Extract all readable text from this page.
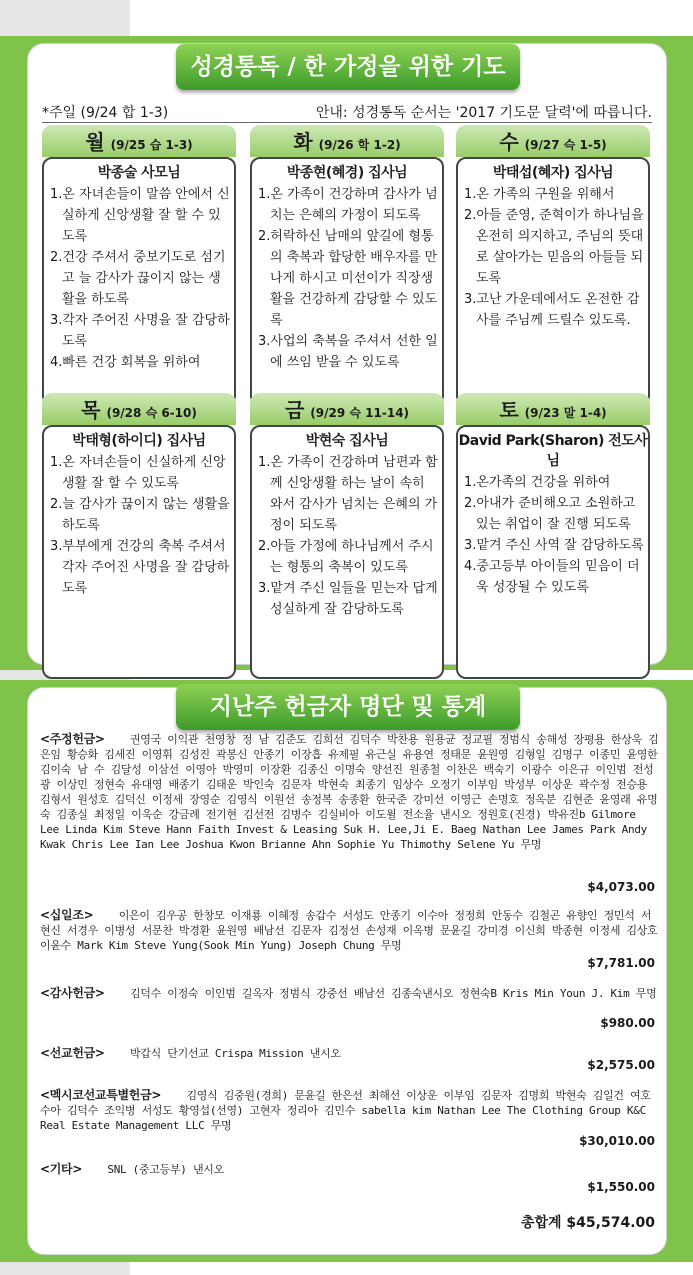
성경통독 / 한 가정을 위한 기도
*주일 (9/24 합 1-3)	안내: 성경통독 순서는 '2017 기도문 달력'에 따릅니다.
월 (9/25 습 1-3)
박종술 사모님
1.온 자녀손들이 말씀 안에서 신실하게 신앙생활 잘 할 수 있도록
2.건강 주셔서 중보기도로 섬기고 늘 감사가 끊이지 않는 생활을 하도록
3.각자 주어진 사명을 잘 감당하도록
4.빠른 건강 회복을 위하여
화 (9/26 학 1-2)
박종현(혜경) 집사님
1.온 가족이 건강하며 감사가 넘치는 은혜의 가정이 되도록
2.허락하신 남매의 앞길에 형통의 축복과 합당한 배우자를 만나게 하시고 미선이가 직장생활을 건강하게 감당할 수 있도록
3.사업의 축복을 주셔서 선한 일에 쓰임 받을 수 있도록
수 (9/27 슥 1-5)
박태섭(혜자) 집사님
1.온 가족의 구원을 위해서
2.아들 준영, 준혁이가 하나님을 온전히 의지하고, 주님의 뜻대로 살아가는 믿음의 아들들 되도록
3.고난 가운데에서도 온전한 감사를 주님께 드릴수 있도록.
목 (9/28 슥 6-10)
박태형(하이디) 집사님
1.온 자녀손들이 신실하게 신앙생활 잘 할 수 있도록
2.늘 감사가 끊이지 않는 생활을 하도록
3.부부에게 건강의 축복 주셔서 각자 주어진 사명을 잘 감당하도록
금 (9/29 슥 11-14)
박현숙 집사님
1.온 가족이 건강하며 남편과 함께 신앙생활 하는 날이 속히 와서 감사가 넘치는 은혜의 가정이 되도록
2.아들 가정에 하나님께서 주시는 형통의 축복이 있도록
3.맡겨 주신 일들을 믿는자 답게 성실하게 잘 감당하도록
토 (9/23 말 1-4)
David Park(Sharon) 전도사님
1.온가족의 건강을 위하여
2.아내가 준비해오고 소원하고 있는 취업이 잘 진행 되도록
3.맡겨 주신 사역 잘 감당하도록
4.중고등부 아이들의 믿음이 더욱 성장될 수 있도록
지난주 헌금자 명단 및 통계
<주정헌금> 권영국 이익관 천영창 정 남 김준도 김희선 김덕수 박찬용 원용균 정교필 정범식 송해성 장평용 한상욱 김은임 황승화 김세진 이영휘 김성진 곽봉신 안종기 이장흡 유제필 유근실 유용연 정태문 윤원영 김형일 김명구 이종민 윤영한 김이숙 남 수 김달성 이삼선 이영아 박영미 이장환 김종신 이명숙 양선진 원종철 이찬은 백숙기 이광수 이은규 이인범 전성광 이상민 정현숙 유대영 배종기 김태운 박인숙 김문자 박현숙 최종기 임상수 오정기 이부임 박성부 이상운 곽수정 전승용 김형서 원성호 김덕신 이정세 장영순 김영식 이원선 송정복 송종환 한국준 강미선 이영근 손명호 정옥분 김현준 윤영래 유명숙 김종실 최정일 이욱순 강금례 전기현 김선전 김병수 김실비아 이도윌 전소율 낸시오 정원호(진경) 박유진b Gilmore Lee Linda Kim Steve Hann Faith Invest & Leasing Suk H. Lee,Ji E. Baeg Nathan Lee James Park Andy Kwak Chris Lee Ian Lee Joshua Kwon Brianne Ahn Sophie Yu Thimothy Selene Yu 무명
$4,073.00
<십일조> 이은이 김우공 한창모 이재룡 이혜정 송갑수 서성도 안종기 이수아 정정희 안동수 김철곤 유향인 정민석 서현신 서경우 이병성 서문찬 박경환 윤원영 배남선 김문자 김정선 손성재 이옥병 문윤길 강미경 이신희 박종현 이정세 김상호 이윤수 Mark Kim Steve Yung(Sook Min Yung) Joseph Chung 무명
$7,781.00
<감사헌금> 김덕수 이정숙 이인범 길옥자 정범식 강중선 배남선 김종숙낸시오 정현숙B Kris Min Youn J. Kim 무명
$980.00
<선교헌금> 박갑식 단기선교 Crispa Mission 낸시오
$2,575.00
<멕시코선교특별헌금> 김영식 김중원(경희) 문윤길 한은선 최해선 이상운 이부임 김문자 김명희 박현숙 김일건 여호수아 김덕수 조익병 서성도 황영섭(선영) 고현자 정리아 김민수 sabella kim Nathan Lee The Clothing Group K&C Real Estate Management LLC 무명
$30,010.00
<기타> SNL (중고등부) 낸시오
$1,550.00
총합계 $45,574.00
